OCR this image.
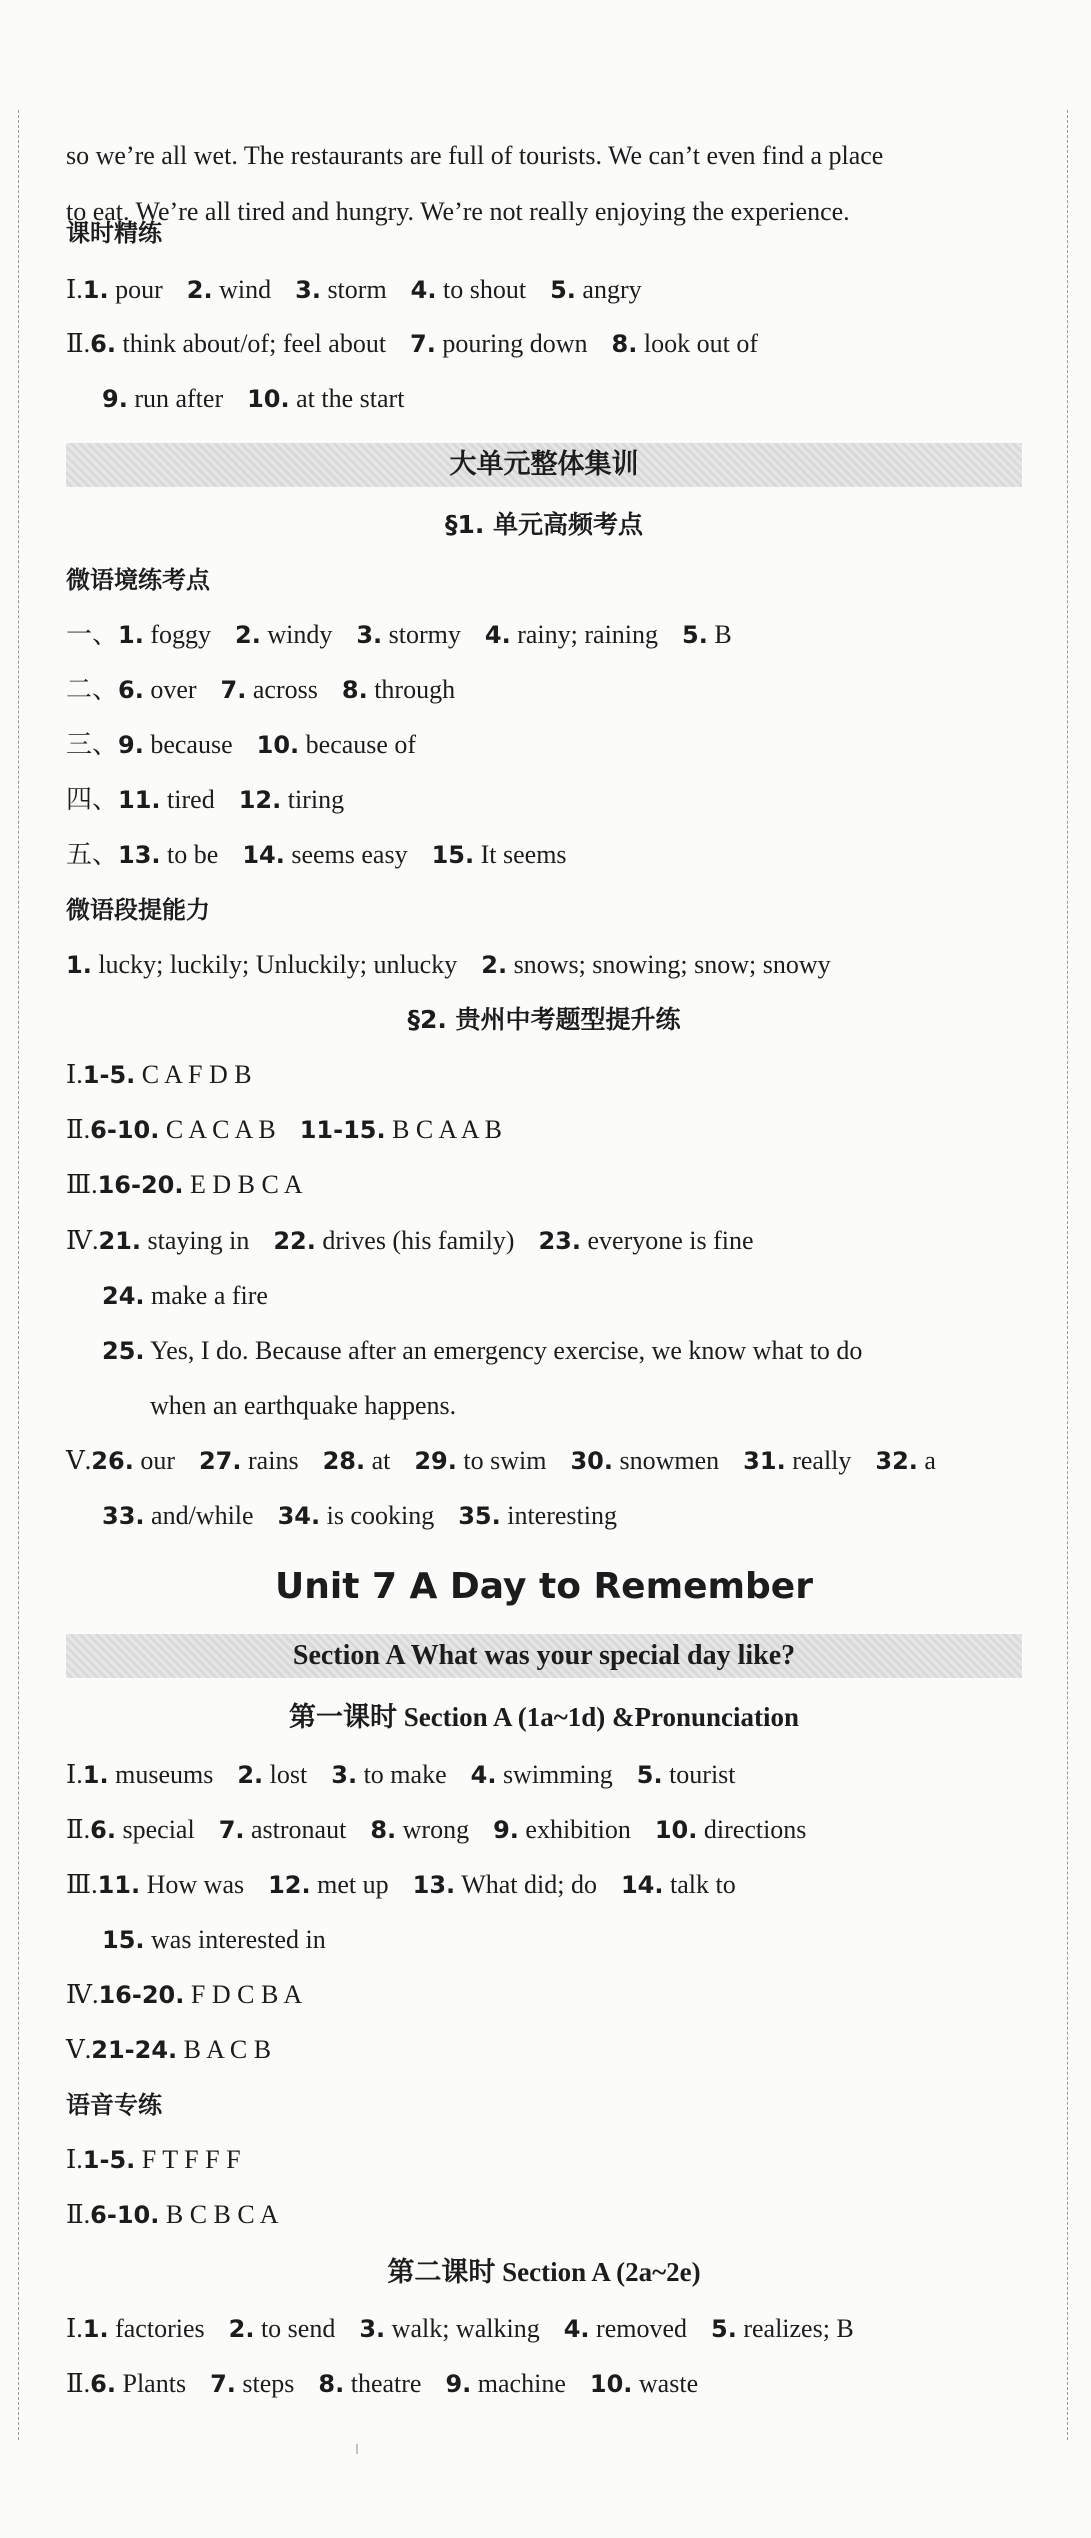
so we’re all wet. The restaurants are full of tourists. We can’t even find a place
to eat. We’re all tired and hungry. We’re not really enjoying the experience.
课时精练
Ⅰ.1 . pour 2 . wind 3 . storm 4 . to shout 5 . angry
Ⅱ.6 . think about/of; feel about 7 . pouring down 8 . look out of
9 . run after 10 . at the start
大单元整体集训
§1. 单元高频考点
微语境练考点
一、1 . foggy 2 . windy 3 . stormy 4 . rainy; raining 5 . B
二、6 . over 7 . across 8 . through
三、9 . because 10 . because of
四、11 . tired 12 . tiring
五、13 . to be 14 . seems easy 15 . It seems
微语段提能力
1 . lucky; luckily; Unluckily; unlucky 2 . snows; snowing; snow; snowy
§2. 贵州中考题型提升练
Ⅰ.1-5 . C A F D B
Ⅱ.6-10 . C A C A B 11-15 . B C A A B
Ⅲ.16-20 . E D B C A
Ⅳ.21 . staying in 22 . drives (his family) 23 . everyone is fine
24 . make a fire
25 . Yes, I do. Because after an emergency exercise, we know what to do
when an earthquake happens.
Ⅴ.26 . our 27 . rains 28 . at 29 . to swim 30 . snowmen 31 . really 32 . a
33 . and/while 34 . is cooking 35 . interesting
Unit 7 A Day to Remember
Section A What was your special day like?
第一课时 Section A (1a~1d) &Pronunciation
Ⅰ.1 . museums 2 . lost 3 . to make 4 . swimming 5 . tourist
Ⅱ.6 . special 7 . astronaut 8 . wrong 9 . exhibition 10 . directions
Ⅲ.11 . How was 12 . met up 13 . What did; do 14 . talk to
15 . was interested in
Ⅳ.16-20 . F D C B A
Ⅴ.21-24 . B A C B
语音专练
Ⅰ.1-5 . F T F F F
Ⅱ.6-10 . B C B C A
第二课时 Section A (2a~2e)
Ⅰ.1 . factories 2 . to send 3 . walk; walking 4 . removed 5 . realizes; B
Ⅱ.6 . Plants 7 . steps 8 . theatre 9 . machine 10 . waste
